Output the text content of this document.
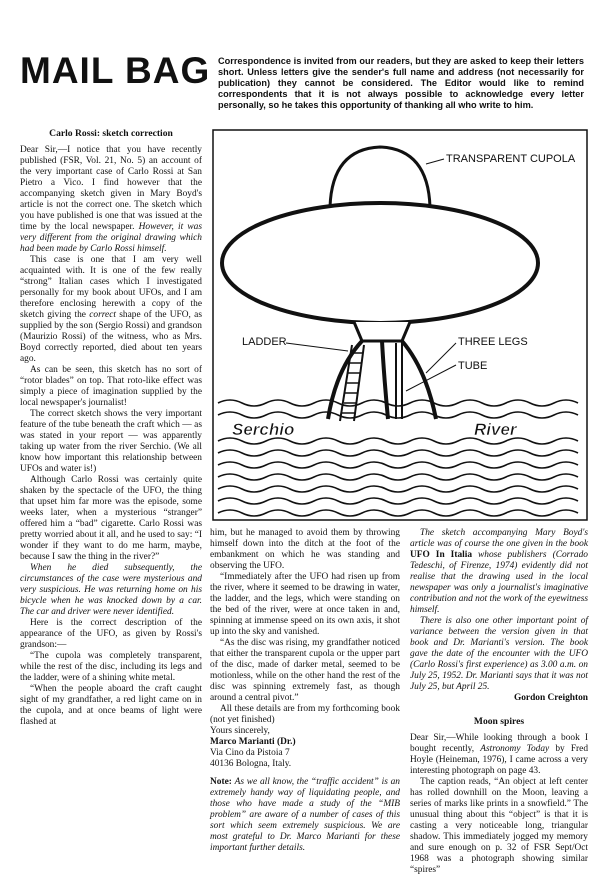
MAIL BAG Correspondence is invited from our readers, but they are asked to keep their letters short. Unless letters give the sender's full name and address (not necessarily for publication) they cannot be considered. The Editor would like to remind correspondents that it is not always possible to acknowledge every letter personally, so he takes this opportunity of thanking all who write to him.
Carlo Rossi: sketch correction

Dear Sir,—I notice that you have recently published (FSR, Vol. 21, No. 5) an account of the very important case of Carlo Rossi at San Pietro a Vico. I find however that the accompanying sketch given in Mary Boyd's article is not the correct one. The sketch which you have published is one that was issued at the time by the local newspaper. However, it was very different from the original drawing which had been made by Carlo Rossi himself.

This case is one that I am very well acquainted with. It is one of the few really “strong” Italian cases which I investigated personally for my book about UFOs, and I am therefore enclosing herewith a copy of the sketch giving the correct shape of the UFO, as supplied by the son (Sergio Rossi) and grandson (Maurizio Rossi) of the witness, who as Mrs. Boyd correctly reported, died about ten years ago.

As can be seen, this sketch has no sort of “rotor blades” on top. That roto-like effect was simply a piece of imagination supplied by the local newspaper's journalist!

The correct sketch shows the very important feature of the tube beneath the craft which — as was stated in your report — was apparently taking up water from the river Serchio. (We all know how important this relationship between UFOs and water is!)

Although Carlo Rossi was certainly quite shaken by the spectacle of the UFO, the thing that upset him far more was the episode, some weeks later, when a mysterious “stranger” offered him a “bad” cigarette. Carlo Rossi was pretty worried about it all, and he used to say: “I wonder if they want to do me harm, maybe, because I saw the thing in the river?”

When he died subsequently, the circumstances of the case were mysterious and very suspicious. He was returning home on his bicycle when he was knocked down by a car. The car and driver were never identified.

Here is the correct description of the appearance of the UFO, as given by Rossi's grandson:—

“The cupola was completely transparent, while the rest of the disc, including its legs and the ladder, were of a shining white metal.

“When the people aboard the craft caught sight of my grandfather, a red light came on in the cupola, and at once beams of light were flashed at

TRANSPARENT CUPOLA
LADDER	THREE LEGS
TUBE
Serchio	River

him, but he managed to avoid them by throwing himself down into the ditch at the foot of the embankment on which he was standing and observing the UFO.

“Immediately after the UFO had risen up from the river, where it seemed to be drawing in water, the ladder, and the legs, which were standing on the bed of the river, were at once taken in and, spinning at immense speed on its own axis, it shot up into the sky and vanished.

“As the disc was rising, my grandfather noticed that either the transparent cupola or the upper part of the disc, made of darker metal, seemed to be motionless, while on the other hand the rest of the disc was spinning extremely fast, as though around a central pivot.”

All these details are from my forthcoming book (not yet finished)

Yours sincerely,

Marco Marianti (Dr.)

Via Cino da Pistoia 7

40136 Bologna, Italy.

Note: As we all know, the “traffic accident” is an extremely handy way of liquidating people, and those who have made a study of the “MIB problem” are aware of a number of cases of this sort which seem extremely suspicious. We are most grateful to Dr. Marco Marianti for these important further details.

The sketch accompanying Mary Boyd's article was of course the one given in the book UFO In Italia whose publishers (Corrado Tedeschi, of Firenze, 1974) evidently did not realise that the drawing used in the local newspaper was only a journalist's imaginative contribution and not the work of the eyewitness himself.

There is also one other important point of variance between the version given in that book and Dr. Marianti's version. The book gave the date of the encounter with the UFO (Carlo Rossi's first experience) as 3.00 a.m. on July 25, 1952. Dr. Marianti says that it was not July 25, but April 25.

Gordon Creighton

Moon spires

Dear Sir,—While looking through a book I bought recently, Astronomy Today by Fred Hoyle (Heineman, 1976), I came across a very interesting photograph on page 43.

The caption reads, “An object at left center has rolled downhill on the Moon, leaving a series of marks like prints in a snowfield.” The unusual thing about this “object” is that it is casting a very noticeable long, triangular shadow. This immediately jogged my memory and sure enough on p. 32 of FSR Sept/Oct 1968 was a photograph showing similar “spires”
